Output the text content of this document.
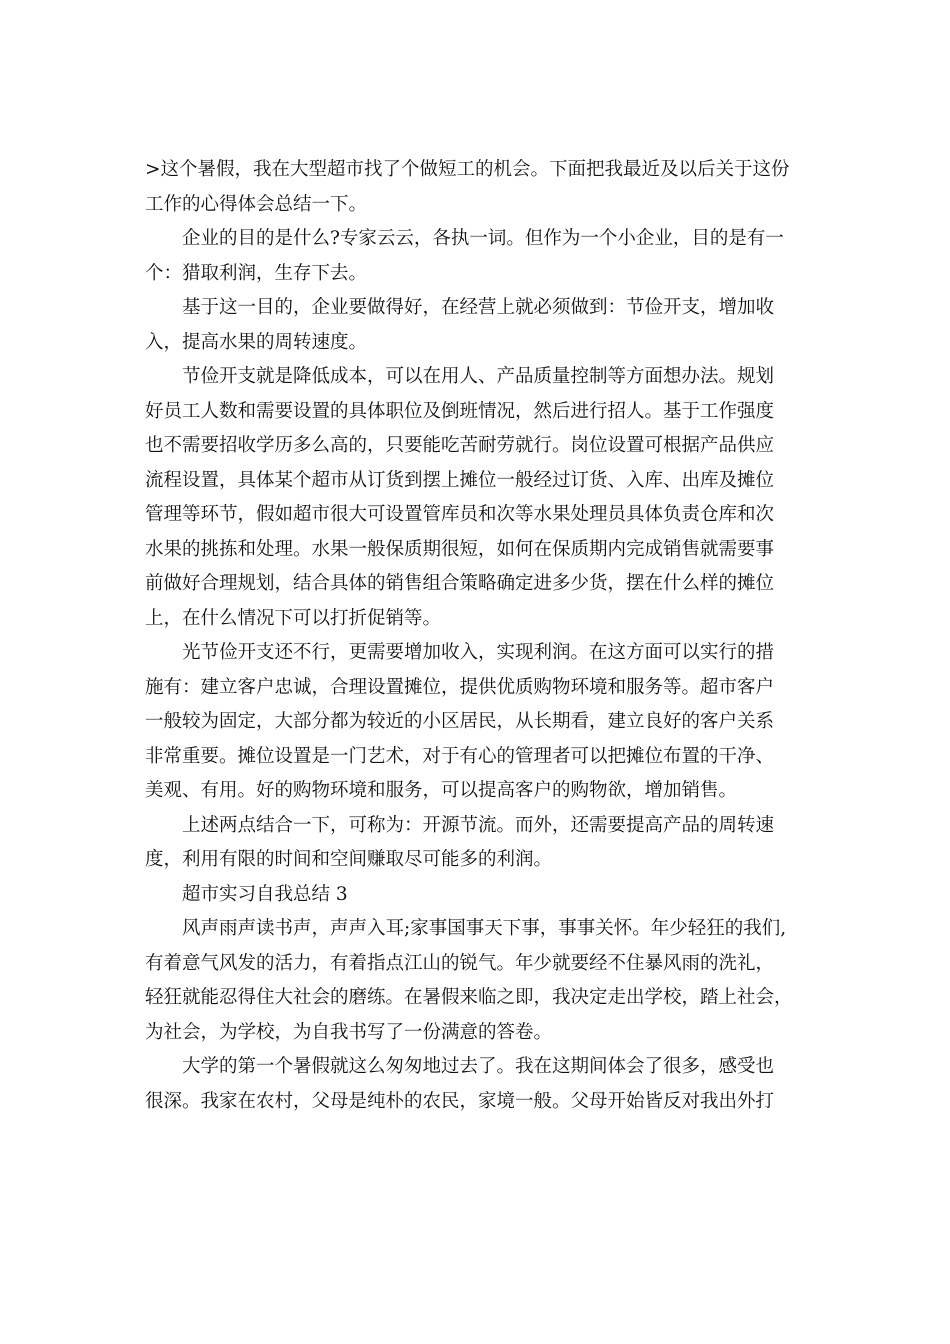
>这个暑假，我在大型超市找了个做短工的机会。下面把我最近及以后关于这份
工作的心得体会总结一下。
企业的目的是什么?专家云云，各执一词。但作为一个小企业，目的是有一
个：猎取利润，生存下去。
基于这一目的，企业要做得好，在经营上就必须做到：节俭开支，增加收
入，提高水果的周转速度。
节俭开支就是降低成本，可以在用人、产品质量控制等方面想办法。规划
好员工人数和需要设置的具体职位及倒班情况，然后进行招人。基于工作强度
也不需要招收学历多么高的，只要能吃苦耐劳就行。岗位设置可根据产品供应
流程设置，具体某个超市从订货到摆上摊位一般经过订货、入库、出库及摊位
管理等环节，假如超市很大可设置管库员和次等水果处理员具体负责仓库和次
水果的挑拣和处理。水果一般保质期很短，如何在保质期内完成销售就需要事
前做好合理规划，结合具体的销售组合策略确定进多少货，摆在什么样的摊位
上，在什么情况下可以打折促销等。
光节俭开支还不行，更需要增加收入，实现利润。在这方面可以实行的措
施有：建立客户忠诚，合理设置摊位，提供优质购物环境和服务等。超市客户
一般较为固定，大部分都为较近的小区居民，从长期看，建立良好的客户关系
非常重要。摊位设置是一门艺术，对于有心的管理者可以把摊位布置的干净、
美观、有用。好的购物环境和服务，可以提高客户的购物欲，增加销售。
上述两点结合一下，可称为：开源节流。而外，还需要提高产品的周转速
度，利用有限的时间和空间赚取尽可能多的利润。
超市实习自我总结 3
风声雨声读书声，声声入耳;家事国事天下事，事事关怀。年少轻狂的我们,
有着意气风发的活力，有着指点江山的锐气。年少就要经不住暴风雨的洗礼，
轻狂就能忍得住大社会的磨练。在暑假来临之即，我决定走出学校，踏上社会，
为社会，为学校，为自我书写了一份满意的答卷。
大学的第一个暑假就这么匆匆地过去了。我在这期间体会了很多，感受也
很深。我家在农村，父母是纯朴的农民，家境一般。父母开始皆反对我出外打
